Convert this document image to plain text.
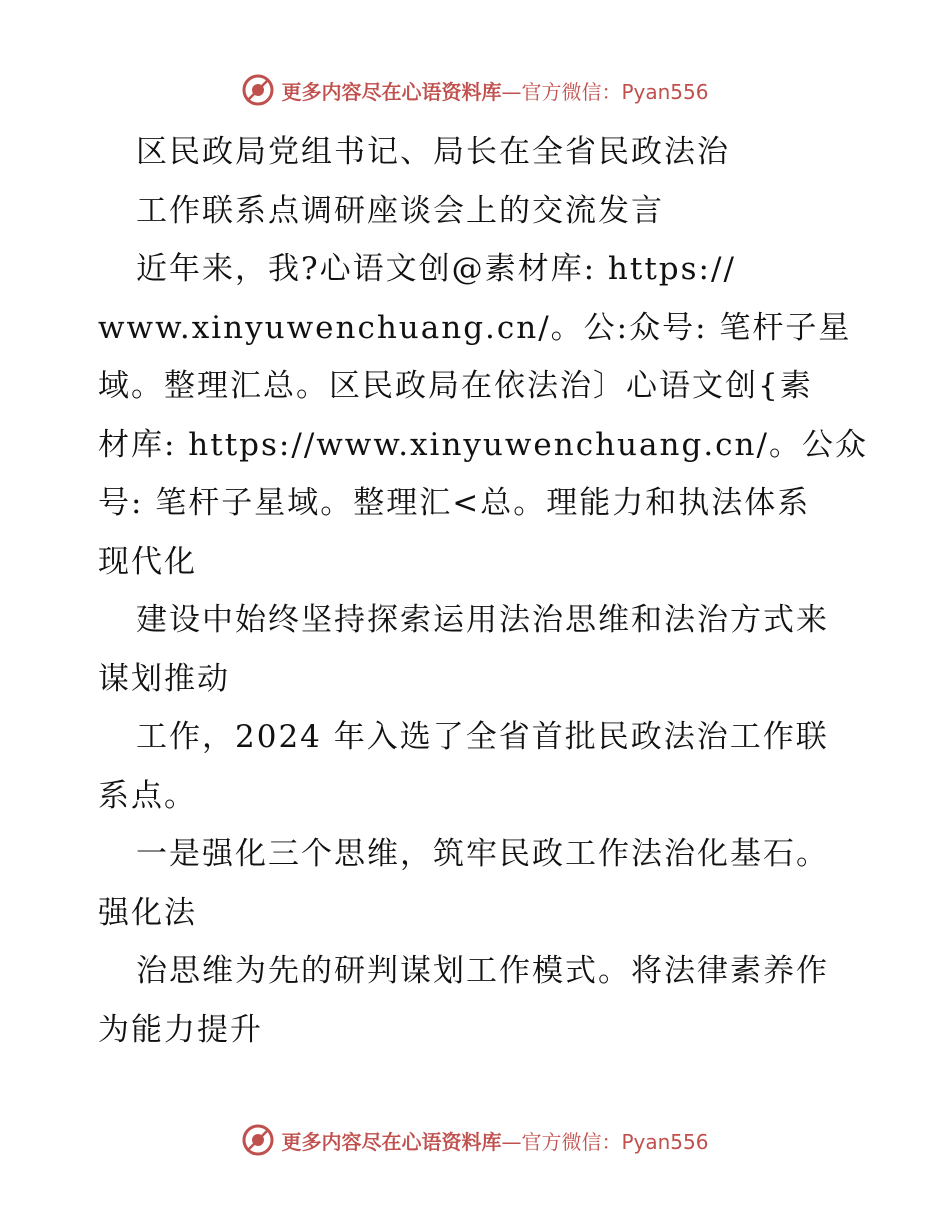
更多内容尽在心语资料库—官方微信：Pyan556
区民政局党组书记、局长在全省民政法治
工作联系点调研座谈会上的交流发言
近年来，我?心语文创@素材库: https://
www.xinyuwenchuang.cn/。公:众号: 笔杆子星
域。整理汇总。区民政局在依法治〕心语文创{素
材库: https://www.xinyuwenchuang.cn/。公众
号: 笔杆子星域。整理汇<总。理能力和执法体系
现代化
建设中始终坚持探索运用法治思维和法治方式来
谋划推动
工作，2024 年入选了全省首批民政法治工作联
系点。
一是强化三个思维，筑牢民政工作法治化基石。
强化法
治思维为先的研判谋划工作模式。将法律素养作
为能力提升
更多内容尽在心语资料库—官方微信：Pyan556
